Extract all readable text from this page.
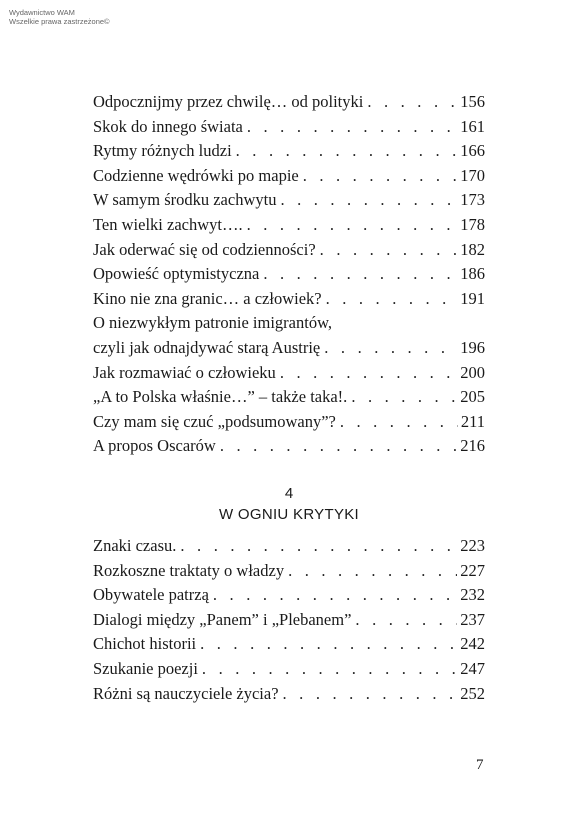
Wydawnictwo WAM
Wszelkie prawa zastrzeżone©
Odpocznijmy przez chwilę… od polityki . . .	156
Skok do innego świata . . .	161
Rytmy różnych ludzi . . .	166
Codzienne wędrówki po mapie . . .	170
W samym środku zachwytu . . .	173
Ten wielki zachwyt…. . . .	178
Jak oderwać się od codzienności? . . .	182
Opowieść optymistyczna . . .	186
Kino nie zna granic… a człowiek? . . .	191
O niezwykłym patronie imigrantów,
czyli jak odnajdywać starą Austrię . . .	196
Jak rozmawiać o człowieku . . .	200
„A to Polska właśnie…” – także taka!. . . .	205
Czy mam się czuć „podsumowany”? . . .	211
A propos Oscarów . . .	216
4
W OGNIU KRYTYKI
Znaki czasu. . . .	223
Rozkoszne traktaty o władzy . . .	227
Obywatele patrzą . . .	232
Dialogi między „Panem” i „Plebanem” . . .	237
Chichot historii . . .	242
Szukanie poezji . . .	247
Różni są nauczyciele życia? . . .	252
7
